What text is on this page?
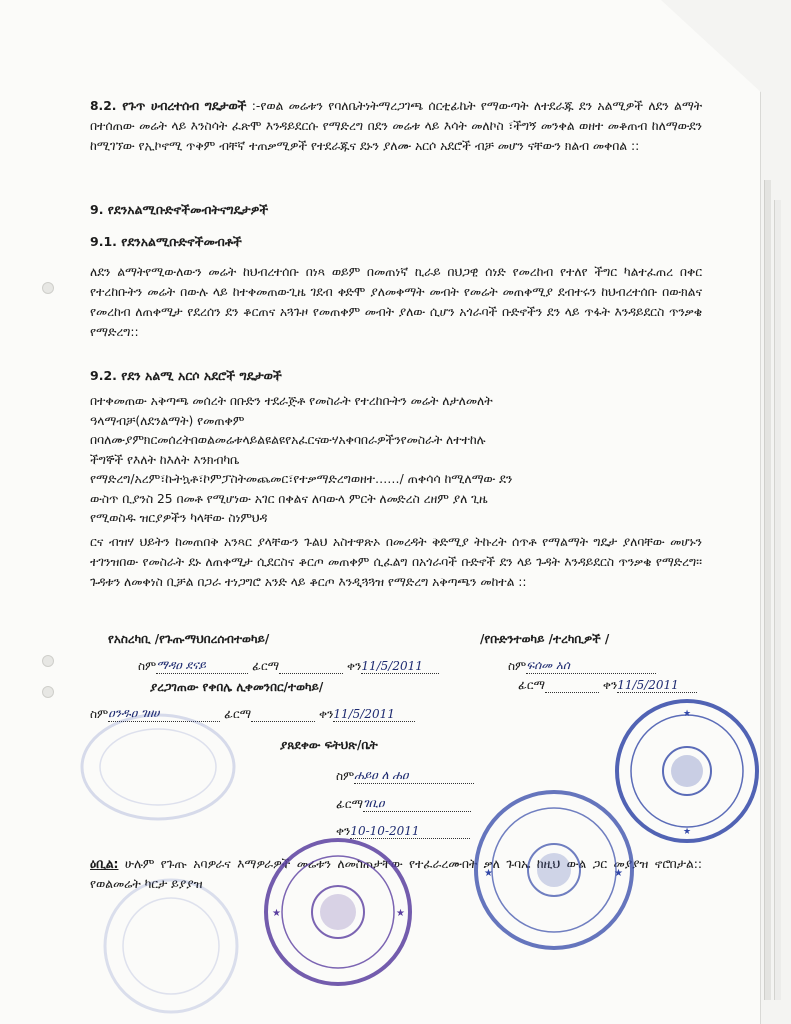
8.2. የጉጥ ሀብረተሰብ ግዴታወች :-የወል መሬቱን የባለቤትነትማረጋገጫ ሰርቲፊኬት የማውጣት ለተደራጁ ደን አልሚዎች ለደን ልማት በተሰጠው መሬት ላይ እንስሳት ፈጽሞ እንዳይደርሱ የማድረግ በደን መሬቱ ላይ እሳት መለኮስ ፣ችግኝ መንቀል ወዘተ መቆጠብ ከለማውደን ከሚገኘው የኢኮኖሚ ጥቅም ብቸኛ ተጠቃሚዎች የተደራጁና ደኑን ያለሙ አርሶ አደሮች ብቻ መሆን ናቸውን ክልብ መቀበል ::

9. የደንአልሚቡድኖችመብትናግዴታዎች
9.1. የደንአልሚቡድኖችመብቶች

ለደን ልማትየሚውለውን መሬት ከህብረተሰቡ በነጻ ወይም በመጠነኛ ኪራይ በህጋዊ ሰነድ የመረከብ የተለየ ችግር ካልተፈጠረ በቀር የተረከቡትን መሬት በውሉ ላይ ከተቀመጠውጊዜ ገደብ ቀድሞ ያለመቀማት መብት የመሬት መጠቀሚያ ደብተሩን ከህብረተሰቡ በውክልና የመረከብ ለጠቀሚታ የደረሰን ደን ቆርጠና አጓጉዞ የመጠቀም መብት ያለው ሲሆን አጎራባች ቡድኖችን ደን ላይ ጥፋት እንዳይደርስ ጥንቃቄ የማድረግ::

9.2. የደን አልሚ አርሶ አደሮች ግዴታወች
በተቀመጠው አቅጣጫ መሰረት በቡድን ተደራጅቶ የመስራት የተረከቡትን መሬት ለታለመለት
ዓላማብቻ(ለደንልማት) የመጠቀም
በባለሙያምክርመሰረትበወልመሬቱላይልዩልዩየአፈርናውሃአቀባበራዎችንየመስራት ለተተከሉ
ችግኞች የእለት ከእለት እንክብካቤ
የማድረግ/አረም፣ኩትኳቶ፣ኮምፓስትመጨመር፣የተቃማድረግወዘተ……/ ጠቀሳሳ ከሚለማው ደን
ውስጥ ቢያንስ 25 በመቶ የሚሆነው አገር በቀልና ለባውላ ምርት ለመድረስ ረዘም ያለ ጊዜ
የሚወስዱ ዝርያዎችን ካላቸው ስነምህዳ

ርና ብዝሃ ህይትን ከመጠበቅ አንጻር ያላቸውን ጉልህ አስተዋጽኦ በመረዳት ቅድሚያ ትኩረት ሰጥቶ የማልማት ግዴታ ያለባቸው መሆኑን ተገንዝበው የመስራት ደኑ ለጠቀሚታ ሲደርስና ቆርጦ መጠቀም ሲፈልግ በአጎራባች ቡድኖች ደን ላይ ጉዳት እንዳይደርስ ጥንቃቄ የማድረግ፡፡ ጉዳቱን ለመቀነስ ቢቻል በጋራ ተነጋግሮ አንድ ላይ ቆርጦ እንዲጓጓዝ የማድረግ አቅጣጫን መከተል ::

የአስረካቢ /የጉጡማህበረሰብተወካይ/	/የቡድንተወካይ /ተረካቢዎች /
ስምማዳዐ ደናይ	ፊርማ	ቀን11/5/2011	ስምፍሰመ አሰ
ፊርማ	ቀን11/5/2011
ያረጋገጠው የቀበሌ ሊቀመንበር/ተወካይ/
ስምዐንዱዐ ገዘሀ	ፊርማ	ቀን11/5/2011
ያጸደቀው ፍትህጽ/ቤት
ስምሐይዐ ለ ሐዐ
ፊርማገቢዐ
ቀን10-10-2011

ዕቢል: ሁሉም የጉጡ አባዎራና እማዎራዎች መሬቱን ለመስጠታቸው የተፈራረሙበት ቃለ ጉባኤ ከዚህ ውል ጋር መያያዝ ኖሮበታል:: የወልመሬት ካርታ ይያያዝ

★
★
★	★
★	★
